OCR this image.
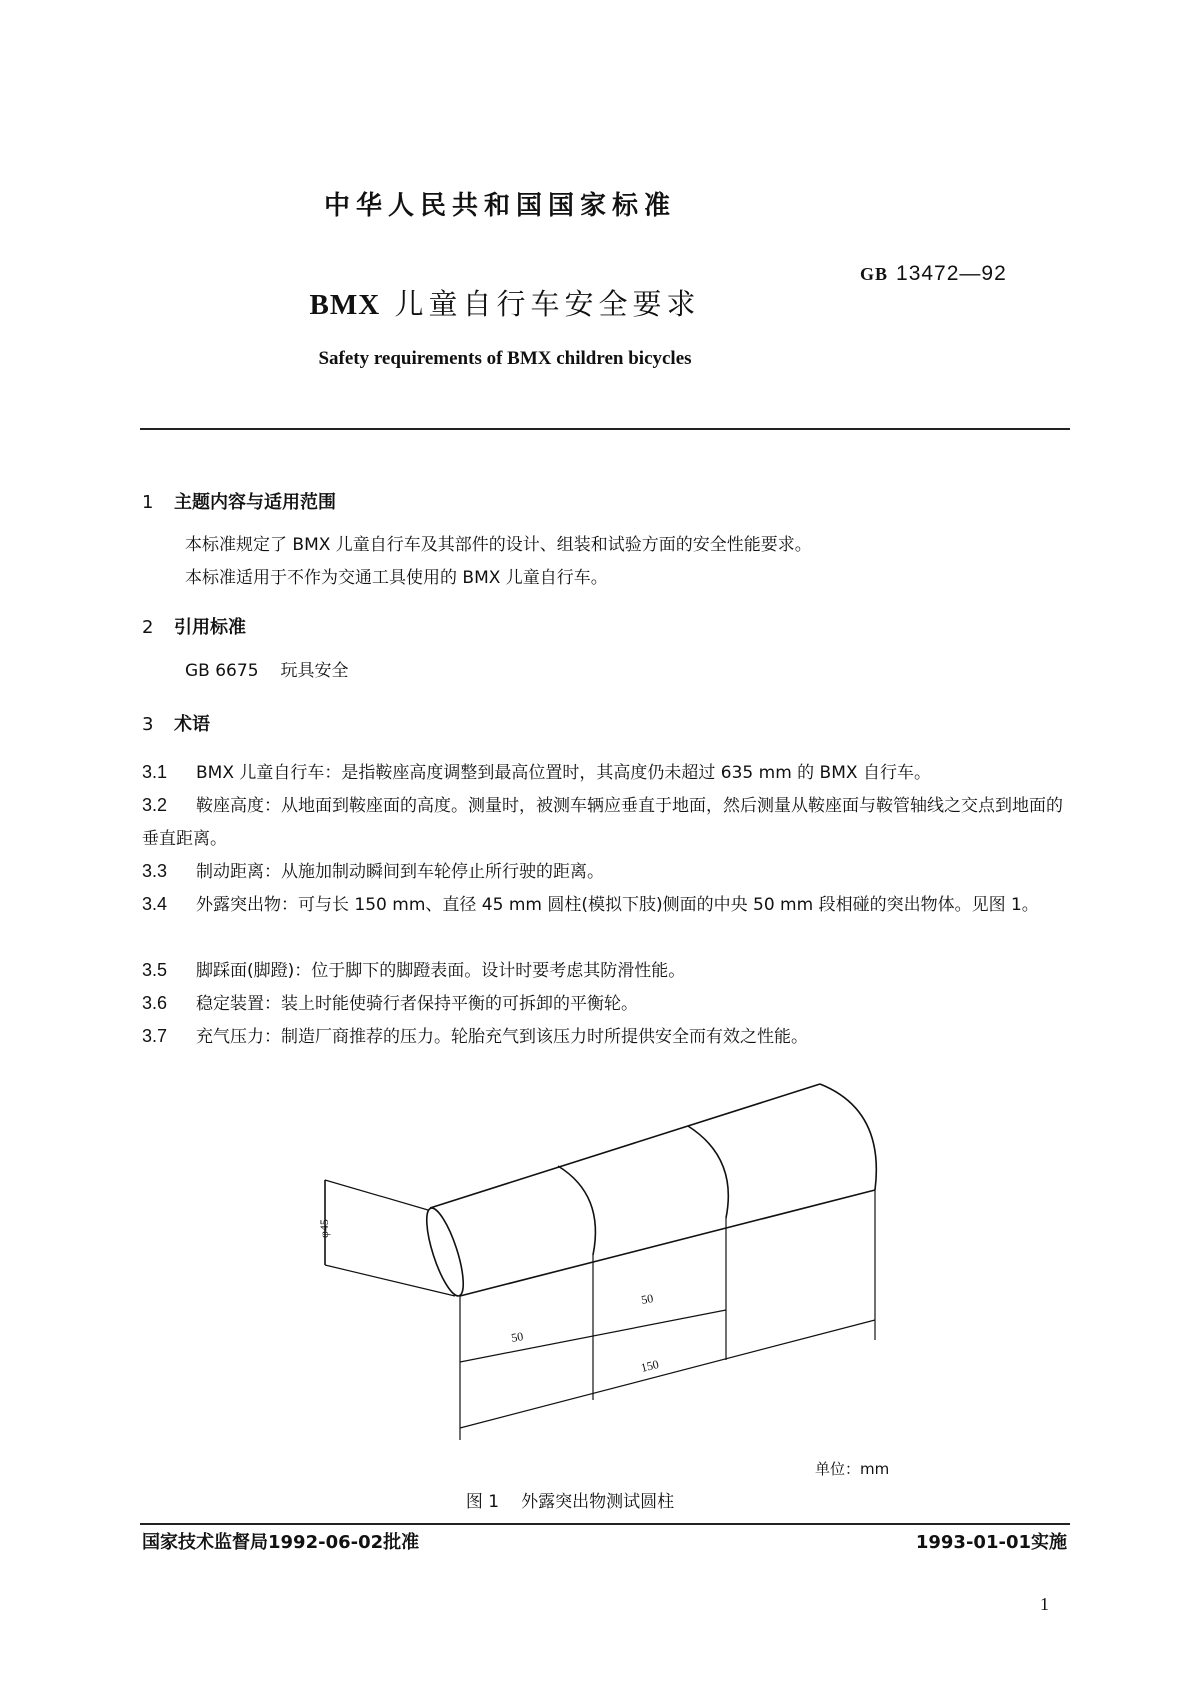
中华人民共和国国家标准
GB 13472—92
BMX 儿童自行车安全要求
Safety requirements of BMX children bicycles
1 主题内容与适用范围
本标准规定了 BMX 儿童自行车及其部件的设计、组装和试验方面的安全性能要求。
本标准适用于不作为交通工具使用的 BMX 儿童自行车。
2 引用标准
GB 6675 玩具安全
3 术语
3.1 BMX 儿童自行车：是指鞍座高度调整到最高位置时，其高度仍未超过 635 mm 的 BMX 自行车。
3.2 鞍座高度：从地面到鞍座面的高度。测量时，被测车辆应垂直于地面，然后测量从鞍座面与鞍管轴线之交点到地面的垂直距离。
3.3 制动距离：从施加制动瞬间到车轮停止所行驶的距离。
3.4 外露突出物：可与长 150 mm、直径 45 mm 圆柱(模拟下肢)侧面的中央 50 mm 段相碰的突出物体。见图 1。
3.5 脚踩面(脚蹬)：位于脚下的脚蹬表面。设计时要考虑其防滑性能。
3.6 稳定装置：装上时能使骑行者保持平衡的可拆卸的平衡轮。
3.7 充气压力：制造厂商推荐的压力。轮胎充气到该压力时所提供安全而有效之性能。
φ45
50
50
150
单位：mm
图 1 外露突出物测试圆柱
国家技术监督局1992-06-02批准	1993-01-01实施
1
